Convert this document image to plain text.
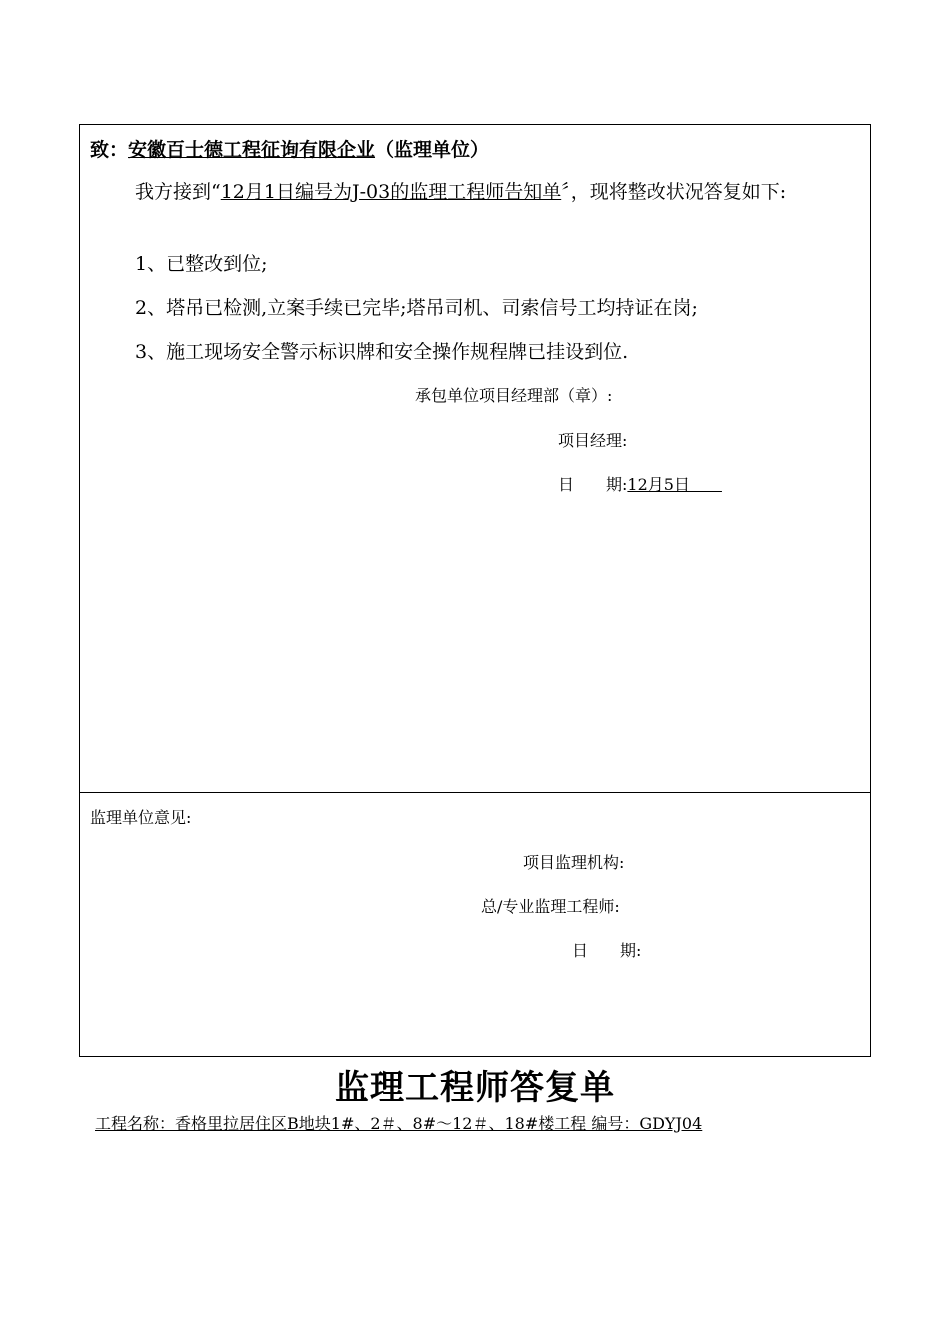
致：安徽百士德工程征询有限企业（监理单位）
我方接到“12月1日编号为J-03的监理工程师告知单〞，现将整改状况答复如下:
1、已整改到位;
2、塔吊已检测,立案手续已完毕;塔吊司机、司索信号工均持证在岗;
3、施工现场安全警示标识牌和安全操作规程牌已挂设到位.
承包单位项目经理部（章）:
项目经理:
日　　期:12月5日　　
监理单位意见:
项目监理机构:
总/专业监理工程师:
日　　期:
监理工程师答复单
工程名称：香格里拉居住区B地块1#、2＃、8#～12＃、18#楼工程 编号：GDYJ04
